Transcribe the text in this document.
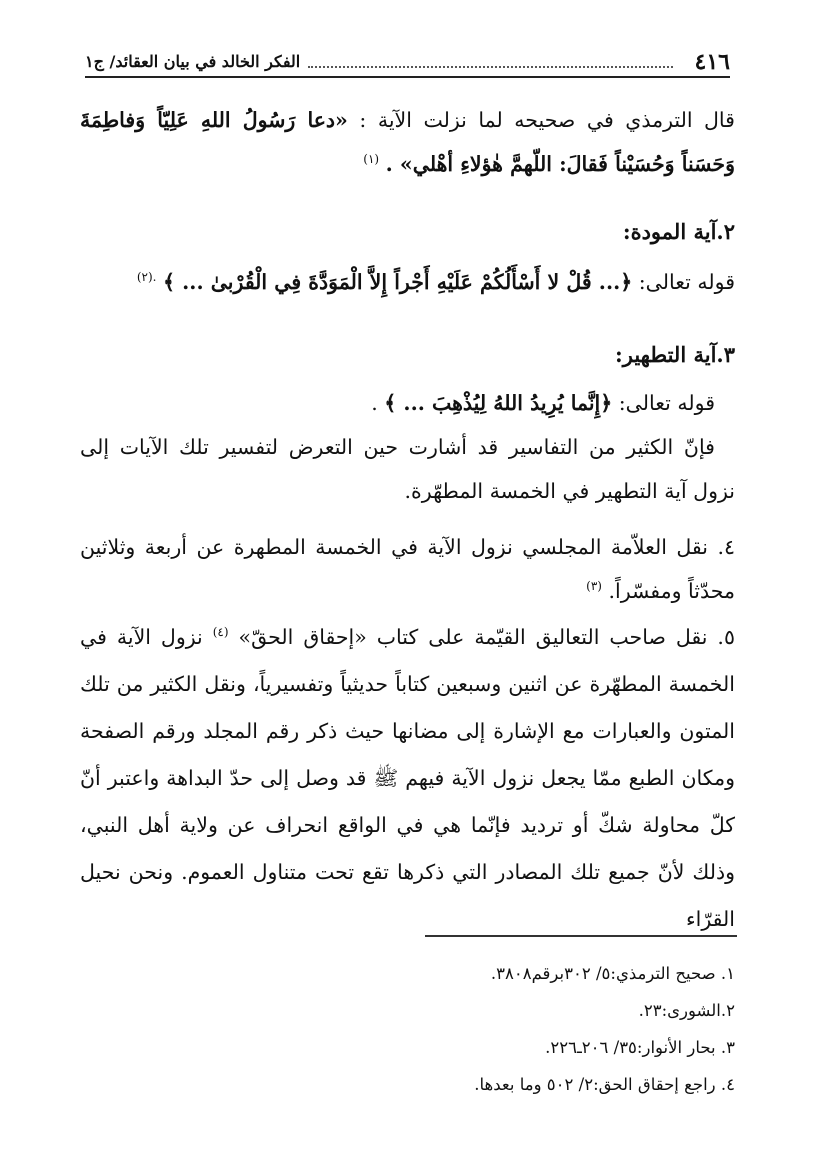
٤١٦
الفكر الخالد في بيان العقائد/ ج١

قال الترمذي في صحيحه لما نزلت الآية : «دعا رَسُولُ اللهِ عَلِيّاً وَفاطِمَةَ وَحَسَناً وَحُسَيْناً فَقالَ: اللّهمَّ هٰؤلاءِ أهْلي» . $^{(١)}$

٢.آية المودة:

قوله تعالى: ﴿... قُلْ لا أَسْأَلُكُمْ عَلَيْهِ أَجْراً إِلاَّ الْمَوَدَّةَ فِي الْقُرْبىٰ ... ﴾ $^{.(٢)}$

٣.آية التطهير:

قوله تعالى: ﴿إِنَّما يُرِيدُ اللهُ لِيُذْهِبَ ... ﴾ .

فإنّ الكثير من التفاسير قد أشارت حين التعرض لتفسير تلك الآيات إلى نزول آية التطهير في الخمسة المطهّرة.

٤. نقل العلاّمة المجلسي نزول الآية في الخمسة المطهرة عن أربعة وثلاثين محدّثاً ومفسّراً. $^{(٣)}$

٥. نقل صاحب التعاليق القيّمة على كتاب «إحقاق الحقّ» $^{(٤)}$ نزول الآية في الخمسة المطهّرة عن اثنين وسبعين كتاباً حديثياً وتفسيرياً، ونقل الكثير من تلك المتون والعبارات مع الإشارة إلى مضانها حيث ذكر رقم المجلد ورقم الصفحة ومكان الطبع ممّا يجعل نزول الآية فيهم ﷺ قد وصل إلى حدّ البداهة واعتبر أنّ كلّ محاولة شكّ أو ترديد فإنّما هي في الواقع انحراف عن ولاية أهل النبي، وذلك لأنّ جميع تلك المصادر التي ذكرها تقع تحت متناول العموم. ونحن نحيل القرّاء

١. صحيح الترمذي:٥/ ٣٠٢برقم٣٨٠٨.

٢.الشورى:٢٣.

٣. بحار الأنوار:٣٥/ ٢٠٦ـ٢٢٦.

٤. راجع إحقاق الحق:٢/ ٥٠٢ وما بعدها.
